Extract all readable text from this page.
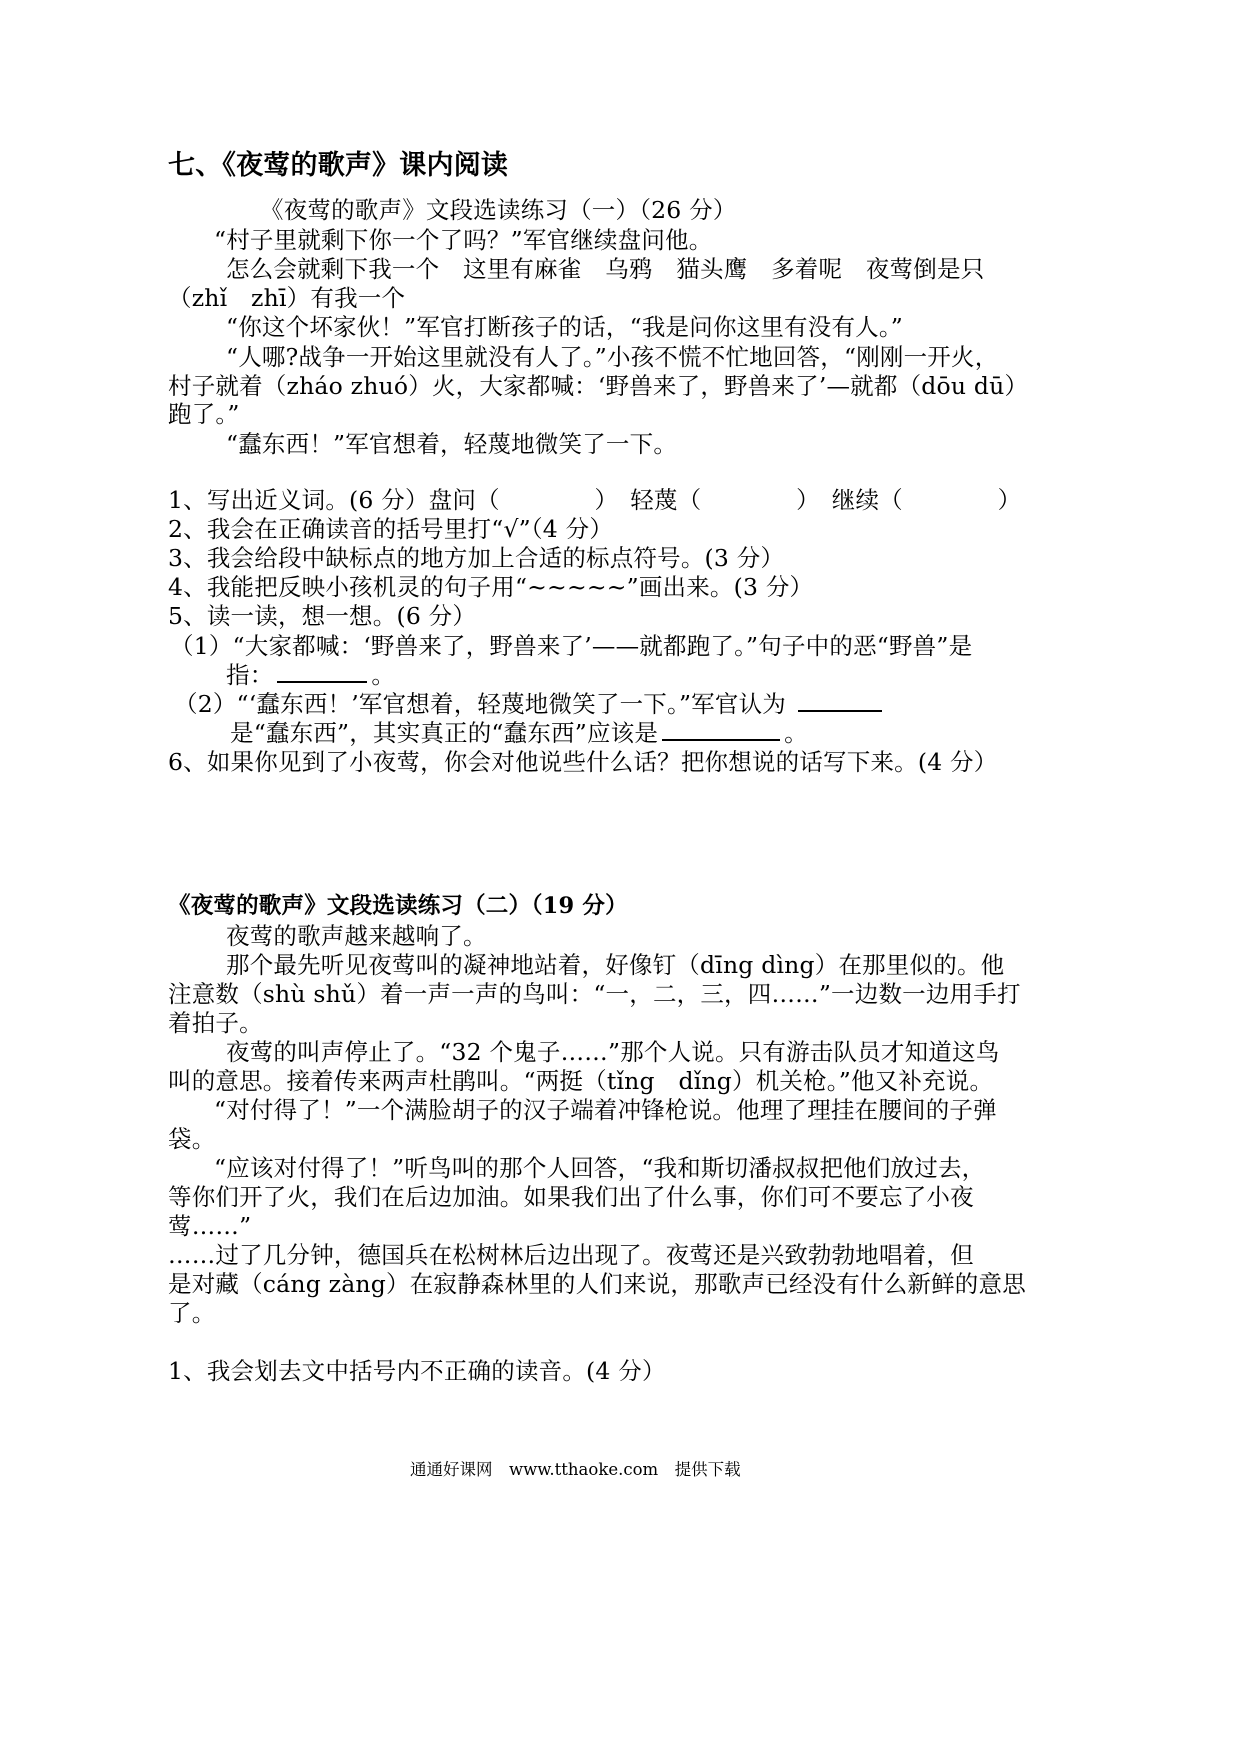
七、《夜莺的歌声》课内阅读
《夜莺的歌声》文段选读练习（一）（26 分）
“村子里就剩下你一个了吗？”军官继续盘问他。
怎么会就剩下我一个　这里有麻雀　乌鸦　猫头鹰　多着呢　夜莺倒是只
（zhǐ　zhī）有我一个
“你这个坏家伙！”军官打断孩子的话，“我是问你这里有没有人。”
“人哪?战争一开始这里就没有人了。”小孩不慌不忙地回答，“刚刚一开火，
村子就着（zháo zhuó）火，大家都喊：‘野兽来了，野兽来了’—就都（dōu dū）
跑了。”
“蠢东西！”军官想着，轻蔑地微笑了一下。
1、写出近义词。(6 分）盘问（　　　　）　轻蔑（　　　　）　继续（　　　　）
2、我会在正确读音的括号里打“√”（4 分）
3、我会给段中缺标点的地方加上合适的标点符号。(3 分）
4、我能把反映小孩机灵的句子用“~~~~~”画出来。(3 分）
5、读一读，想一想。(6 分）
（1）“大家都喊：‘野兽来了，野兽来了’——就都跑了。”句子中的恶“野兽”是
指：	。
（2）“‘蠢东西！’军官想着，轻蔑地微笑了一下。”军官认为
是“蠢东西”，其实真正的“蠢东西”应该是	。
6、如果你见到了小夜莺，你会对他说些什么话？把你想说的话写下来。(4 分）
《夜莺的歌声》文段选读练习（二）（19 分）
夜莺的歌声越来越响了。
那个最先听见夜莺叫的凝神地站着，好像钉（dīng dìng）在那里似的。他
注意数（shù shǔ）着一声一声的鸟叫：“一，二，三，四……”一边数一边用手打
着拍子。
夜莺的叫声停止了。“32 个鬼子……”那个人说。只有游击队员才知道这鸟
叫的意思。接着传来两声杜鹃叫。“两挺（tǐng　dǐng）机关枪。”他又补充说。
“对付得了！”一个满脸胡子的汉子端着冲锋枪说。他理了理挂在腰间的子弹
袋。
“应该对付得了！”听鸟叫的那个人回答，“我和斯切潘叔叔把他们放过去，
等你们开了火，我们在后边加油。如果我们出了什么事，你们可不要忘了小夜
莺……”
……过了几分钟，德国兵在松树林后边出现了。夜莺还是兴致勃勃地唱着，但
是对藏（cáng zàng）在寂静森林里的人们来说，那歌声已经没有什么新鲜的意思
了。
1、我会划去文中括号内不正确的读音。(4 分）
通通好课网　www.tthaoke.com　提供下载
